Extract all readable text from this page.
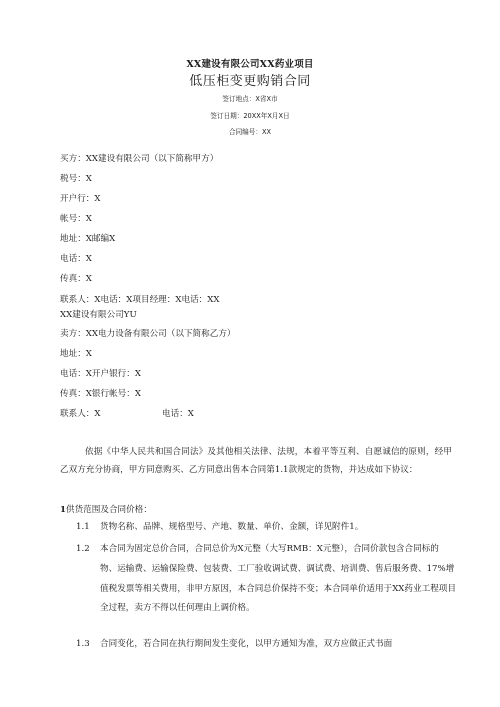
XX建设有限公司XX药业项目
低压柜变更购销合同
签订地点：X省X市
签订日期：20XX年X月X日
合同编号：XX
买方：XX建设有限公司（以下简称甲方）
税号：X
开户行：X
帐号：X
地址：X邮编X
电话：X
传真：X
联系人：X电话：X项目经理：X电话：XX
XX建设有限公司YU
卖方：XX电力设备有限公司（以下简称乙方）
地址：X
电话：X开户银行：X
传真：X银行帐号：X
联系人：X	电话：X
依据《中华人民共和国合同法》及其他相关法律、法规，本着平等互利、自愿诚信的原则，经甲乙双方充分协商，甲方同意购买、乙方同意出售本合同第1.1款规定的货物，并达成如下协议：
1供货范围及合同价格：
1.1	货物名称、品牌、规格型号、产地、数量、单价、金额，详见附件1。
1.2	本合同为固定总价合同，合同总价为X元整（大写RMB：X元整），合同价款包含合同标的物、运输费、运输保险费、包装费、工厂验收调试费、调试费、培训费、售后服务费、17%增值税发票等相关费用，非甲方原因，本合同总价保持不变；本合同单价适用于XX药业工程项目全过程，卖方不得以任何理由上调价格。
1.3	合同变化，若合同在执行期间发生变化，以甲方通知为准，双方应做正式书面
